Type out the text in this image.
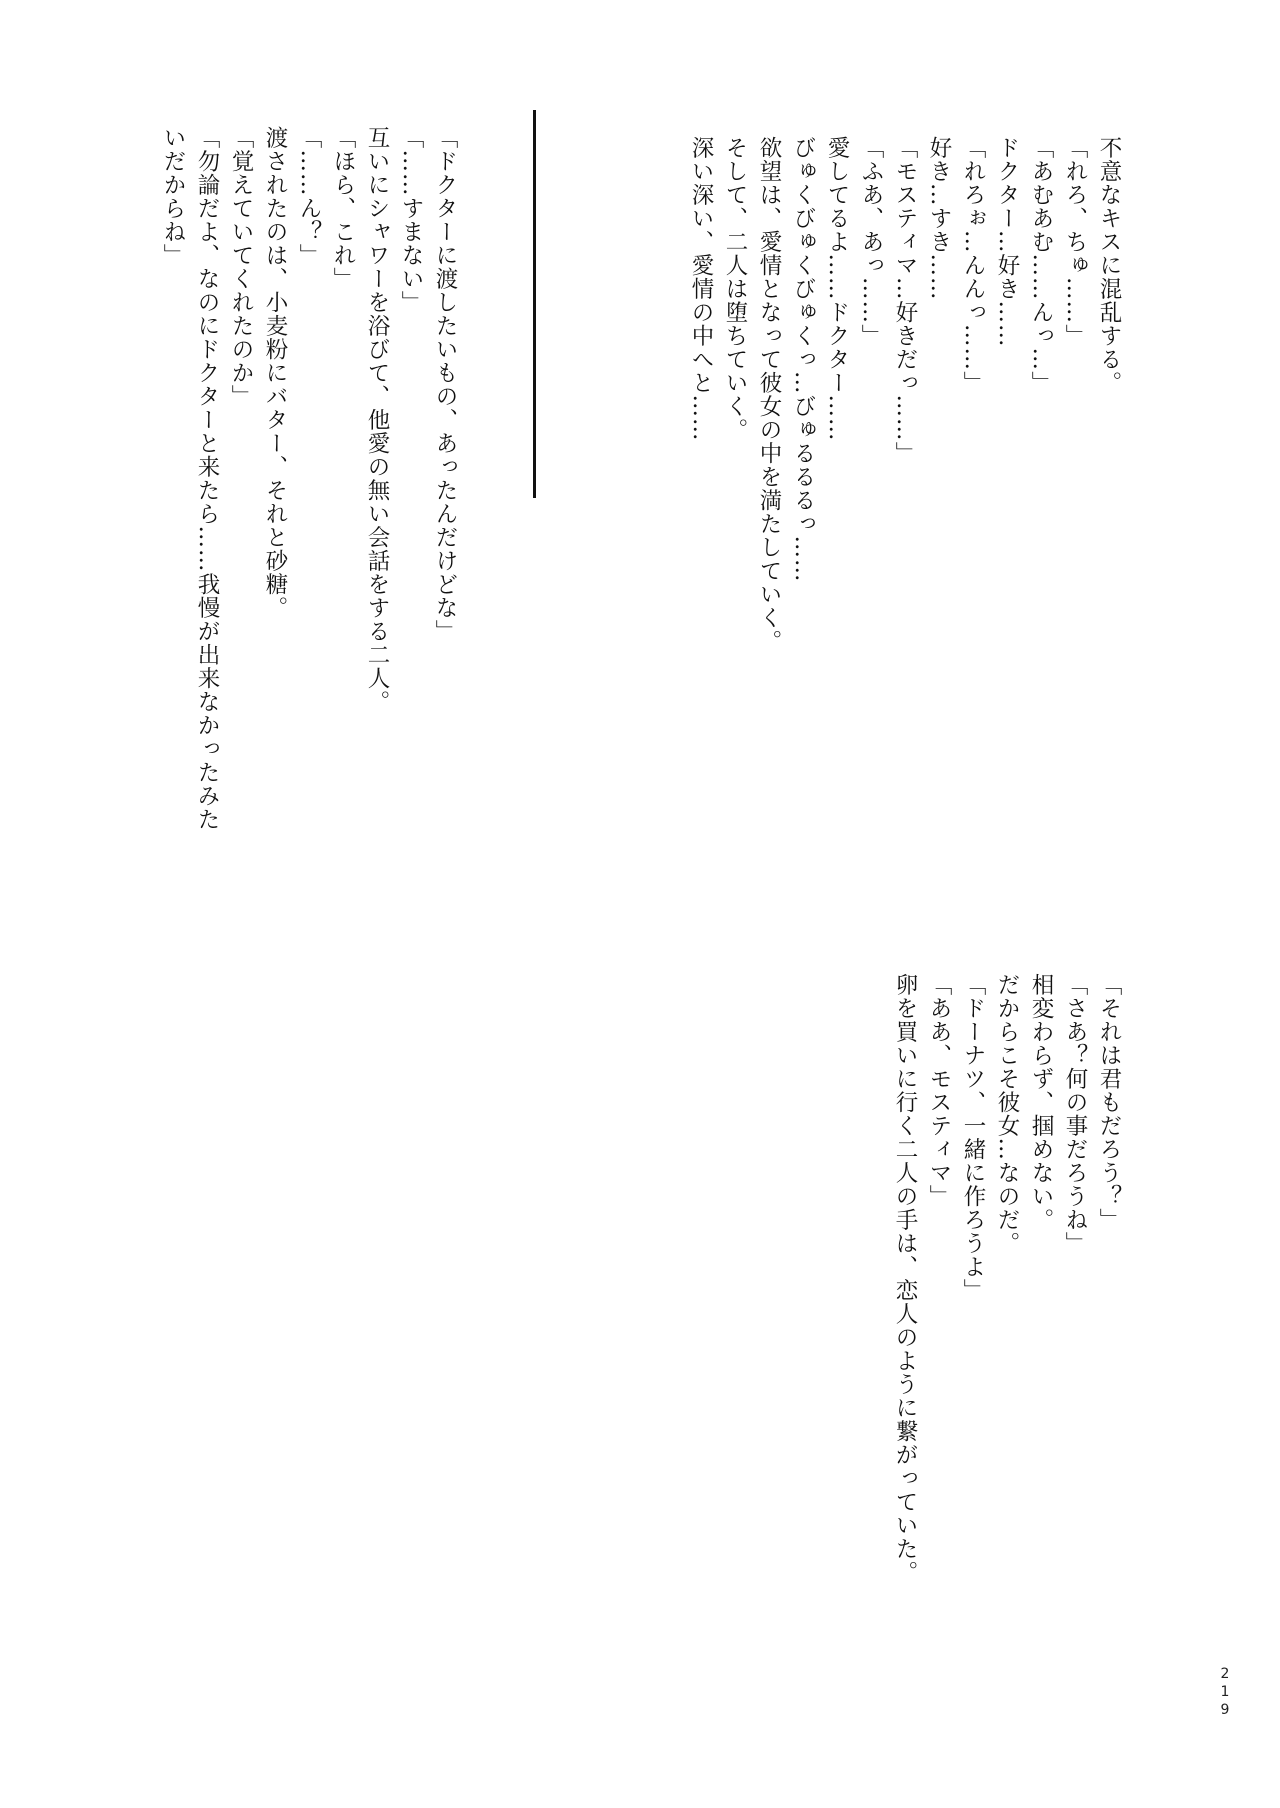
不意なキスに混乱する。

「れろ、ちゅ……」

「あむあむ……んっ…」

ドクター…好き……

「れろぉ…んんっ……」

好き…すき……

「モスティマ…好きだっ……」

「ふあ、あっ……」

愛してるよ……ドクター……

びゅくびゅくびゅくっ…びゅるるるっ……

欲望は、愛情となって彼女の中を満たしていく。

そして、二人は堕ちていく。

深い深い、愛情の中へと……

「ドクターに渡したいもの、あったんだけどな」

「……すまない」

互いにシャワーを浴びて、他愛の無い会話をする二人。

「ほら、これ」

「……ん？」

渡されたのは、小麦粉にバター、それと砂糖。

「覚えていてくれたのか」

「勿論だよ、なのにドクターと来たら……我慢が出来なかったみた

いだからね」

「それは君もだろう？」

「さあ？何の事だろうね」

相変わらず、掴めない。

だからこそ彼女…なのだ。

「ドーナツ、一緒に作ろうよ」

「ああ、モスティマ」

卵を買いに行く二人の手は、恋人のように繋がっていた。

219
